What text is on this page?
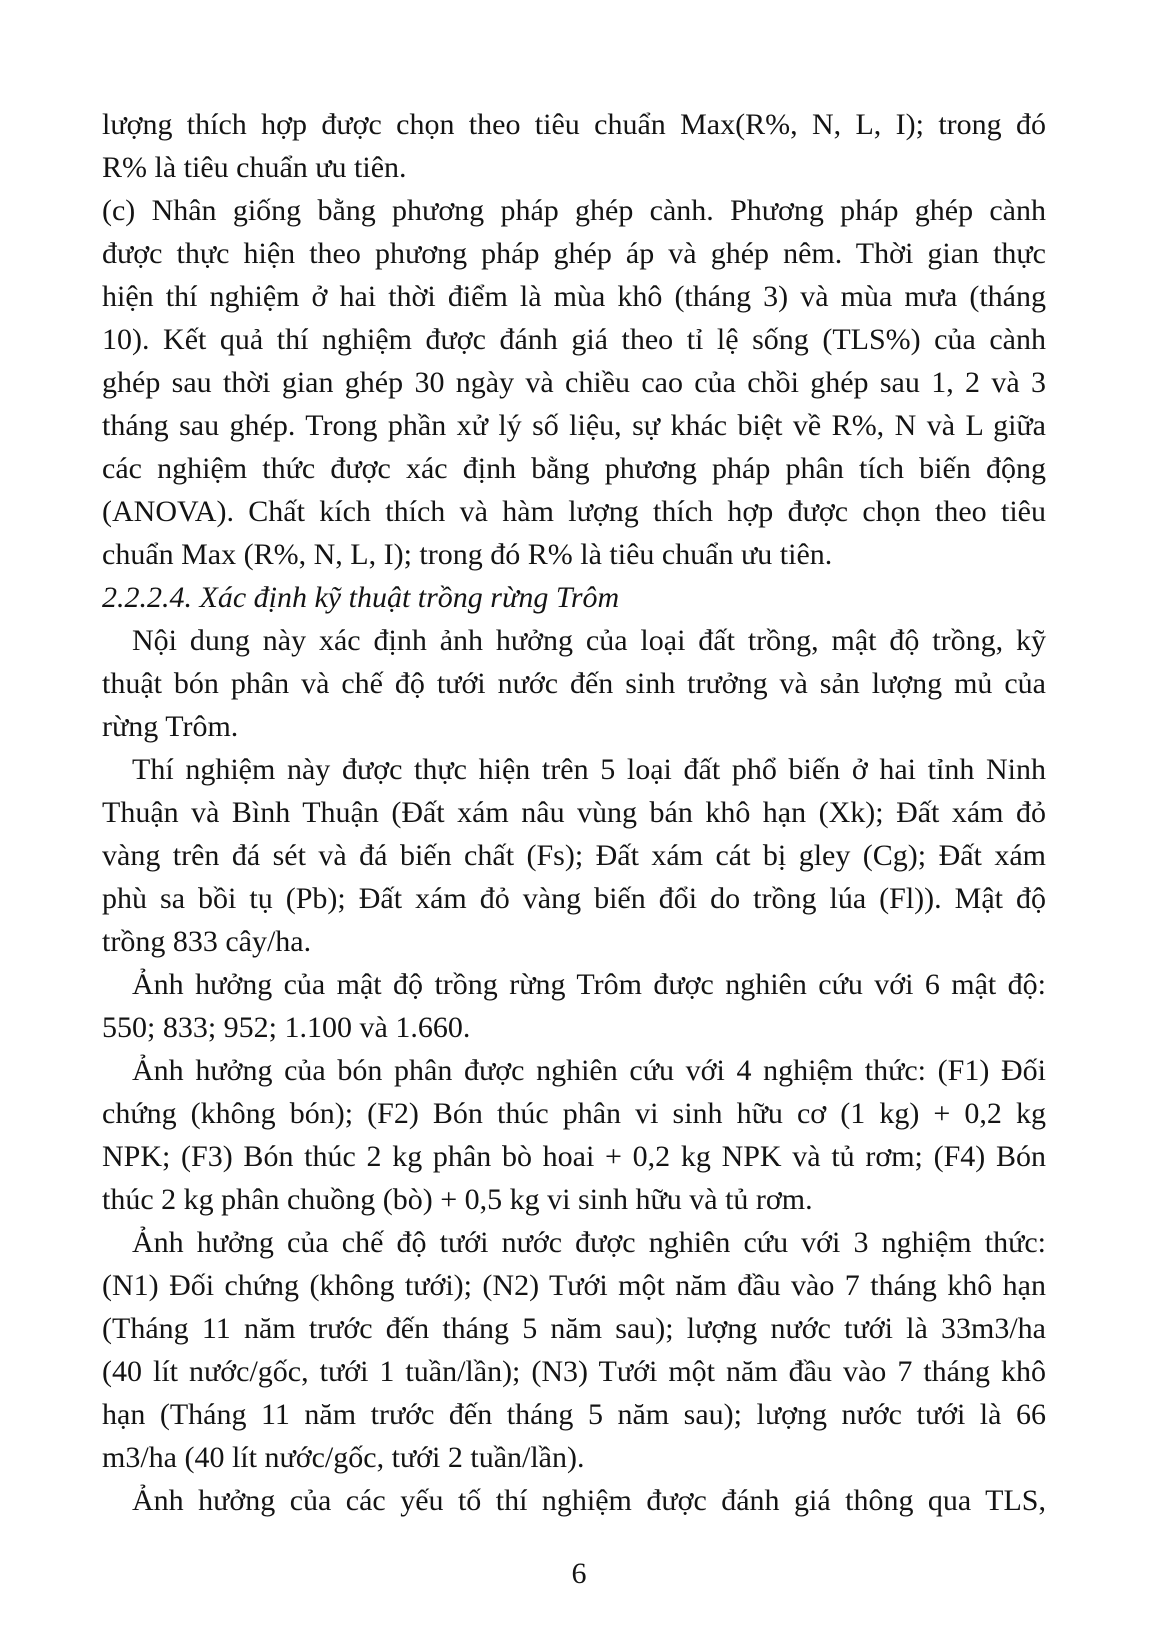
lượng thích hợp được chọn theo tiêu chuẩn Max(R%, N, L, I); trong đó
R% là tiêu chuẩn ưu tiên.
(c) Nhân giống bằng phương pháp ghép cành. Phương pháp ghép cành
được thực hiện theo phương pháp ghép áp và ghép nêm. Thời gian thực
hiện thí nghiệm ở hai thời điểm là mùa khô (tháng 3) và mùa mưa (tháng
10). Kết quả thí nghiệm được đánh giá theo tỉ lệ sống (TLS%) của cành
ghép sau thời gian ghép 30 ngày và chiều cao của chồi ghép sau 1, 2 và 3
tháng sau ghép. Trong phần xử lý số liệu, sự khác biệt về R%, N và L giữa
các nghiệm thức được xác định bằng phương pháp phân tích biến động
(ANOVA). Chất kích thích và hàm lượng thích hợp được chọn theo tiêu
chuẩn Max (R%, N, L, I); trong đó R% là tiêu chuẩn ưu tiên.
2.2.2.4. Xác định kỹ thuật trồng rừng Trôm
Nội dung này xác định ảnh hưởng của loại đất trồng, mật độ trồng, kỹ
thuật bón phân và chế độ tưới nước đến sinh trưởng và sản lượng mủ của
rừng Trôm.
Thí nghiệm này được thực hiện trên 5 loại đất phổ biến ở hai tỉnh Ninh
Thuận và Bình Thuận (Đất xám nâu vùng bán khô hạn (Xk); Đất xám đỏ
vàng trên đá sét và đá biến chất (Fs); Đất xám cát bị gley (Cg); Đất xám
phù sa bồi tụ (Pb); Đất xám đỏ vàng biến đổi do trồng lúa (Fl)). Mật độ
trồng 833 cây/ha.
Ảnh hưởng của mật độ trồng rừng Trôm được nghiên cứu với 6 mật độ:
550; 833; 952; 1.100 và 1.660.
Ảnh hưởng của bón phân được nghiên cứu với 4 nghiệm thức: (F1) Đối
chứng (không bón); (F2) Bón thúc phân vi sinh hữu cơ (1 kg) + 0,2 kg
NPK; (F3) Bón thúc 2 kg phân bò hoai + 0,2 kg NPK và tủ rơm; (F4) Bón
thúc 2 kg phân chuồng (bò) + 0,5 kg vi sinh hữu và tủ rơm.
Ảnh hưởng của chế độ tưới nước được nghiên cứu với 3 nghiệm thức:
(N1) Đối chứng (không tưới); (N2) Tưới một năm đầu vào 7 tháng khô hạn
(Tháng 11 năm trước đến tháng 5 năm sau); lượng nước tưới là 33m3/ha
(40 lít nước/gốc, tưới 1 tuần/lần); (N3) Tưới một năm đầu vào 7 tháng khô
hạn (Tháng 11 năm trước đến tháng 5 năm sau); lượng nước tưới là 66
m3/ha (40 lít nước/gốc, tưới 2 tuần/lần).
Ảnh hưởng của các yếu tố thí nghiệm được đánh giá thông qua TLS,
6
